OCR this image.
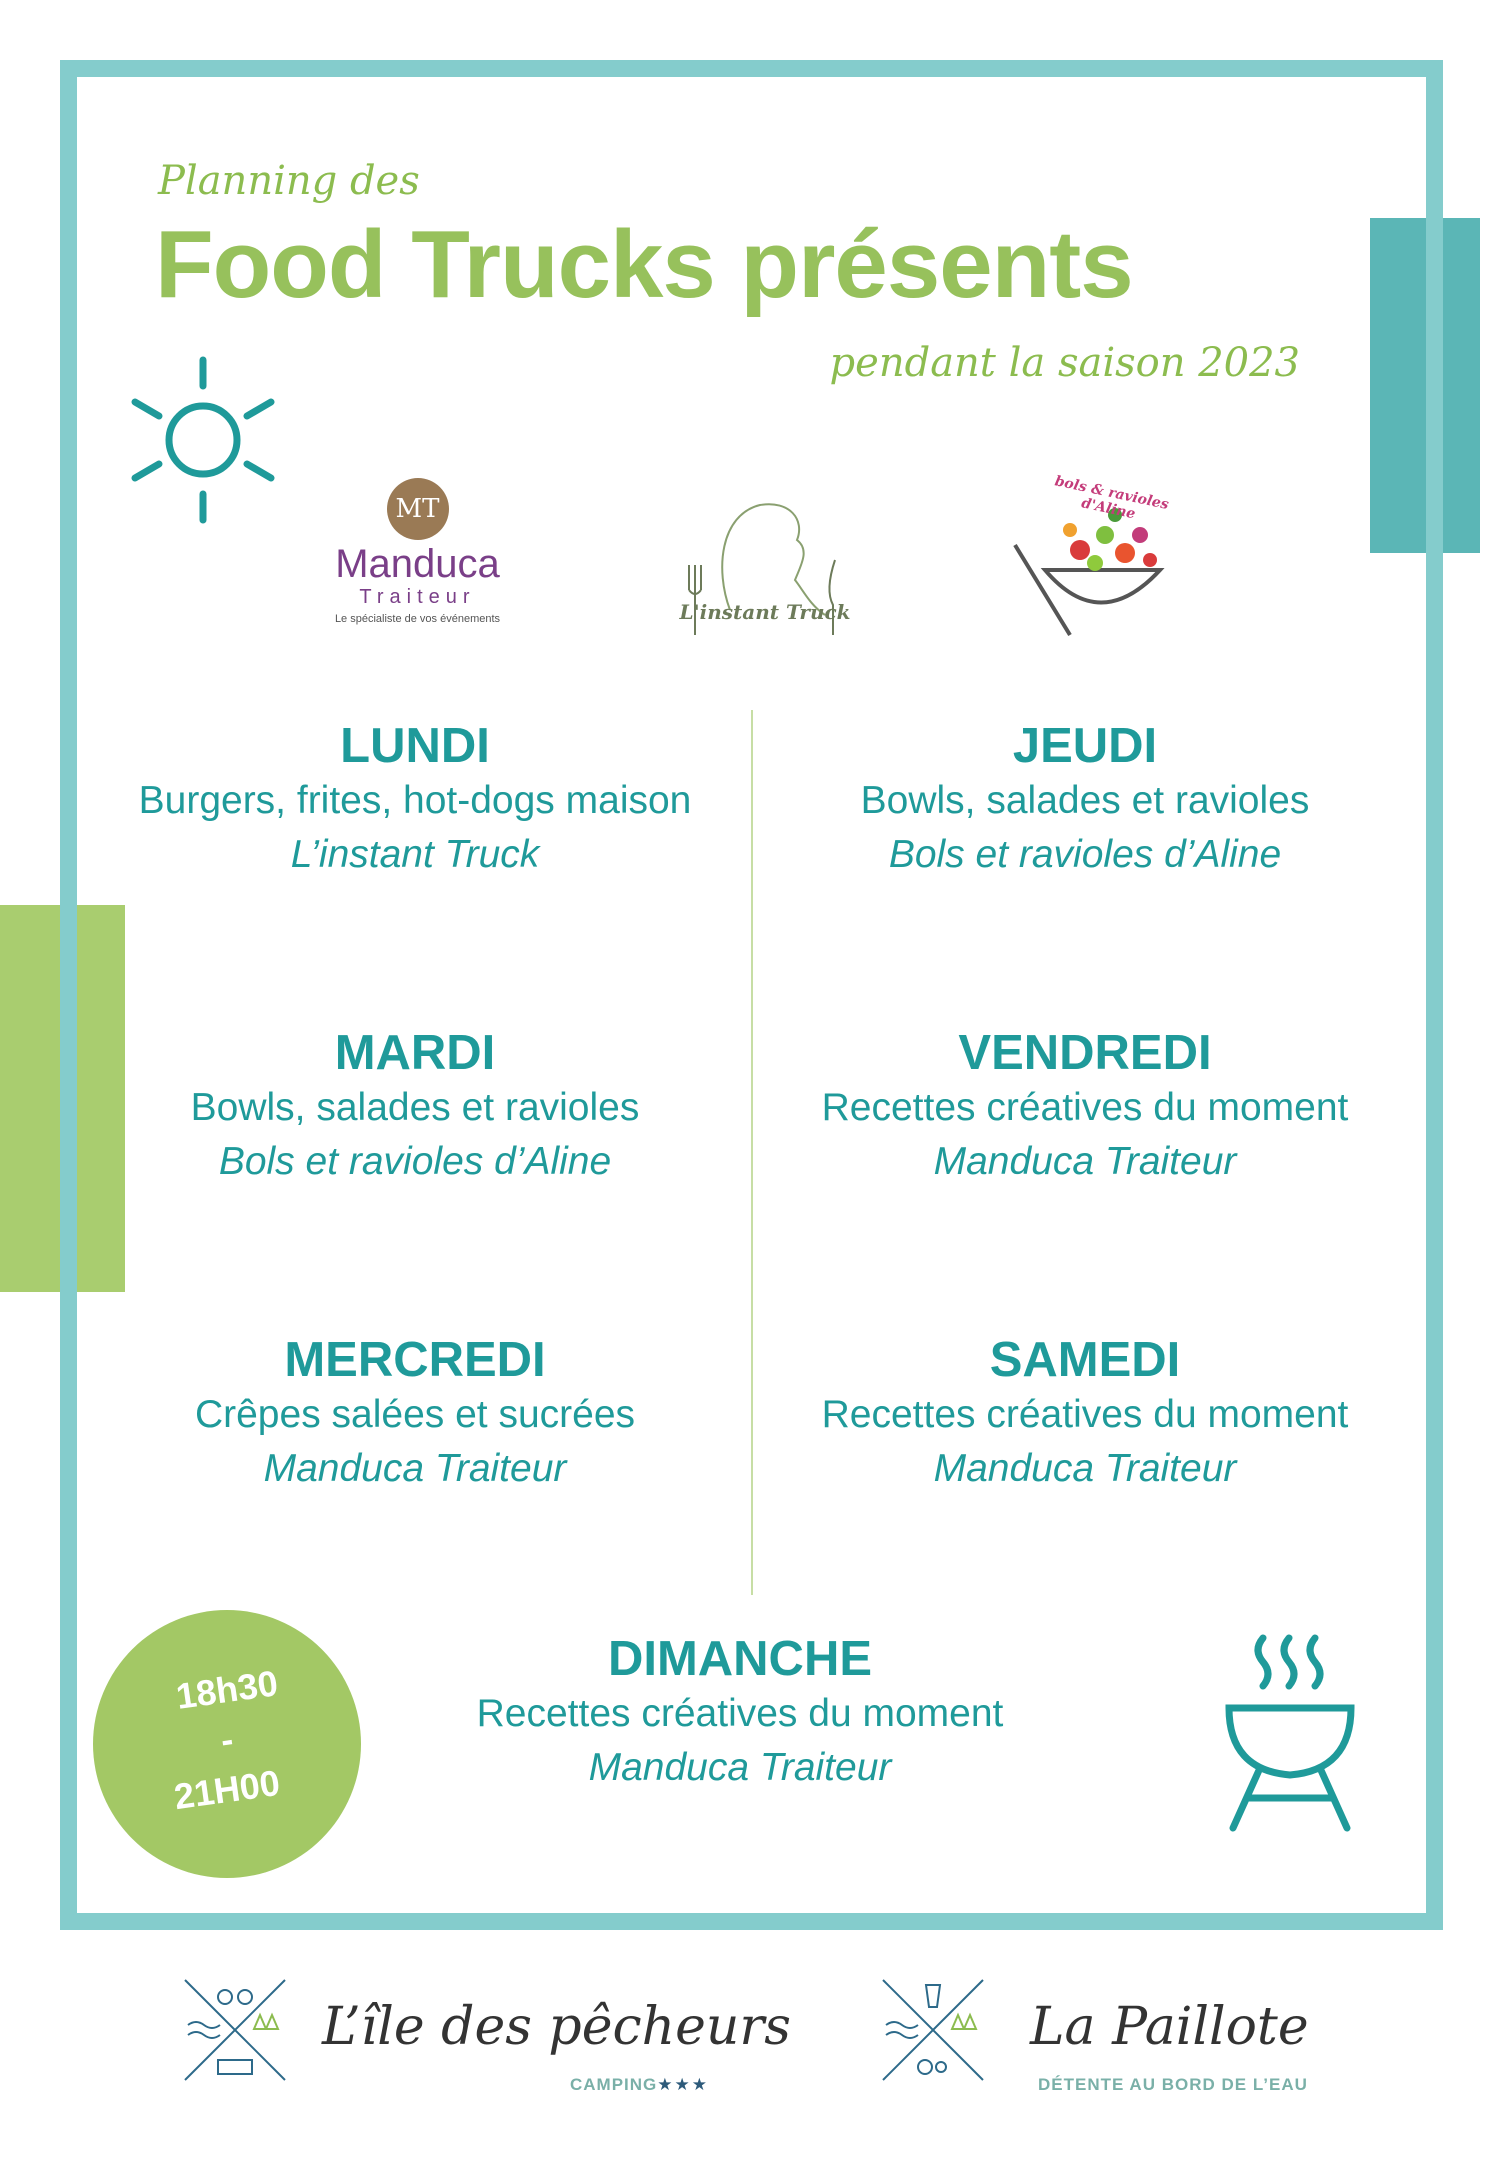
Planning des
Food Trucks présents
pendant la saison 2023
MT
Manduca
Traiteur
Le spécialiste de vos événements	L'instant Truck
bols & ravioles d'Aline
LUNDI
Burgers, frites, hot-dogs maison
L’instant Truck
MARDI
Bowls, salades et ravioles
Bols et ravioles d’Aline
MERCREDI
Crêpes salées et sucrées
Manduca Traiteur
JEUDI
Bowls, salades et ravioles
Bols et ravioles d’Aline
VENDREDI
Recettes créatives du moment
Manduca Traiteur
SAMEDI
Recettes créatives du moment
Manduca Traiteur
DIMANCHE
Recettes créatives du moment
Manduca Traiteur
18h30
-
21H00
L’île des pêcheurs
CAMPING★★★
La Paillote
DÉTENTE AU BORD DE L’EAU
